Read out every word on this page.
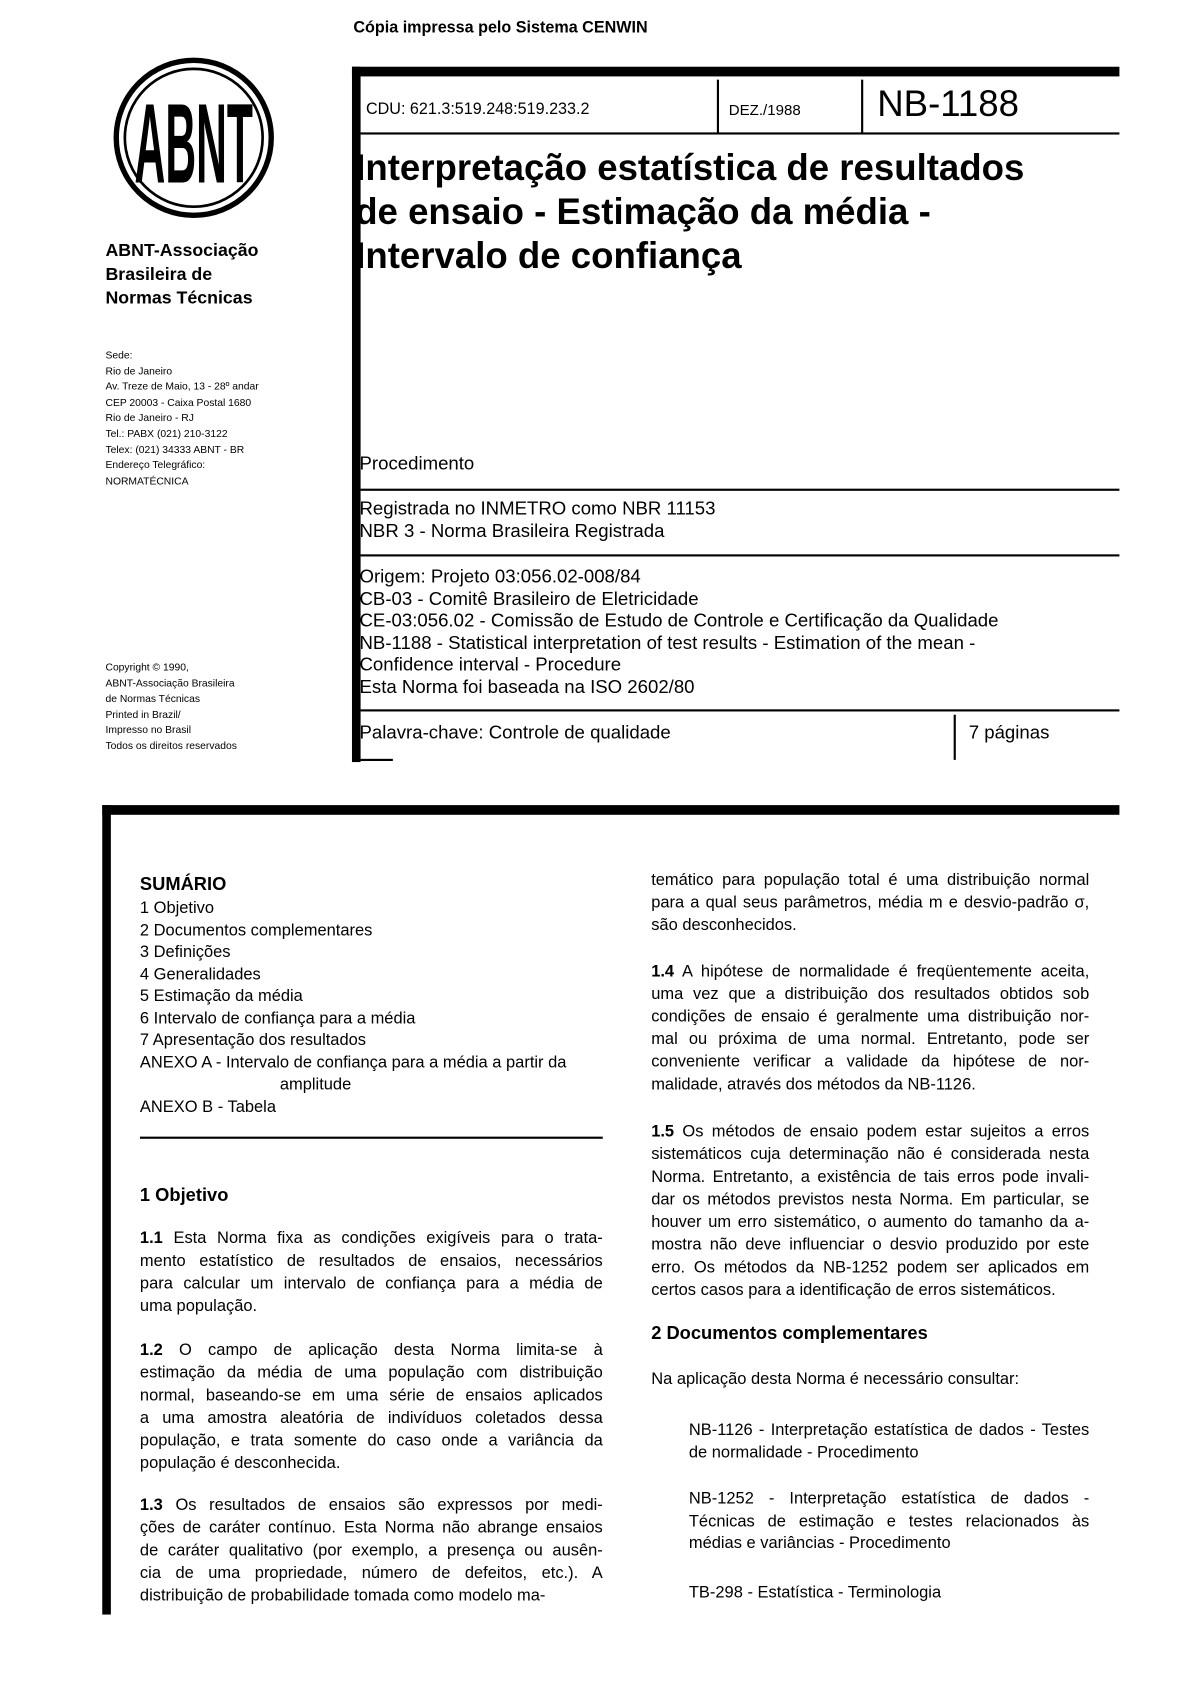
Cópia impressa pelo Sistema CENWIN
ABNT
ABNT-Associação
Brasileira de
Normas Técnicas
Sede:
Rio de Janeiro
Av. Treze de Maio, 13 - 28º andar
CEP 20003 - Caixa Postal 1680
Rio de Janeiro - RJ
Tel.: PABX (021) 210-3122
Telex: (021) 34333 ABNT - BR
Endereço Telegráfico:
NORMATÉCNICA
Copyright © 1990,
ABNT-Associação Brasileira
de Normas Técnicas
Printed in Brazil/
Impresso no Brasil
Todos os direitos reservados
CDU: 621.3:519.248:519.233.2	DEZ./1988 NB-1188
Interpretação estatística de resultados
de ensaio - Estimação da média -
Intervalo de confiança
Procedimento
Registrada no INMETRO como NBR 11153
NBR 3 - Norma Brasileira Registrada
Origem: Projeto 03:056.02-008/84
CB-03 - Comitê Brasileiro de Eletricidade
CE-03:056.02 - Comissão de Estudo de Controle e Certificação da Qualidade
NB-1188 - Statistical interpretation of test results - Estimation of the mean -
Confidence interval - Procedure
Esta Norma foi baseada na ISO 2602/80
Palavra-chave: Controle de qualidade	7 páginas
SUMÁRIO
1 Objetivo
2 Documentos complementares
3 Definições
4 Generalidades
5 Estimação da média
6 Intervalo de confiança para a média
7 Apresentação dos resultados
ANEXO A - Intervalo de confiança para a média a partir da
amplitude
ANEXO B - Tabela
1 Objetivo
1.1 Esta Norma fixa as condições exigíveis para o trata-
mento estatístico de resultados de ensaios, necessários
para calcular um intervalo de confiança para a média de
uma população.
1.2 O campo de aplicação desta Norma limita-se à
estimação da média de uma população com distribuição
normal, baseando-se em uma série de ensaios aplicados
a uma amostra aleatória de indivíduos coletados dessa
população, e trata somente do caso onde a variância da
população é desconhecida.
1.3 Os resultados de ensaios são expressos por medi-
ções de caráter contínuo. Esta Norma não abrange ensaios
de caráter qualitativo (por exemplo, a presença ou ausên-
cia de uma propriedade, número de defeitos, etc.). A
distribuição de probabilidade tomada como modelo ma-
temático para população total é uma distribuição normal
para a qual seus parâmetros, média m e desvio-padrão σ,
são desconhecidos.
1.4 A hipótese de normalidade é freqüentemente aceita,
uma vez que a distribuição dos resultados obtidos sob
condições de ensaio é geralmente uma distribuição nor-
mal ou próxima de uma normal. Entretanto, pode ser
conveniente verificar a validade da hipótese de nor-
malidade, através dos métodos da NB-1126.
1.5 Os métodos de ensaio podem estar sujeitos a erros
sistemáticos cuja determinação não é considerada nesta
Norma. Entretanto, a existência de tais erros pode invali-
dar os métodos previstos nesta Norma. Em particular, se
houver um erro sistemático, o aumento do tamanho da a-
mostra não deve influenciar o desvio produzido por este
erro. Os métodos da NB-1252 podem ser aplicados em
certos casos para a identificação de erros sistemáticos.
2 Documentos complementares
Na aplicação desta Norma é necessário consultar:
NB-1126 - Interpretação estatística de dados - Testes
de normalidade - Procedimento
NB-1252 - Interpretação estatística de dados -
Técnicas de estimação e testes relacionados às
médias e variâncias - Procedimento
TB-298 - Estatística - Terminologia
